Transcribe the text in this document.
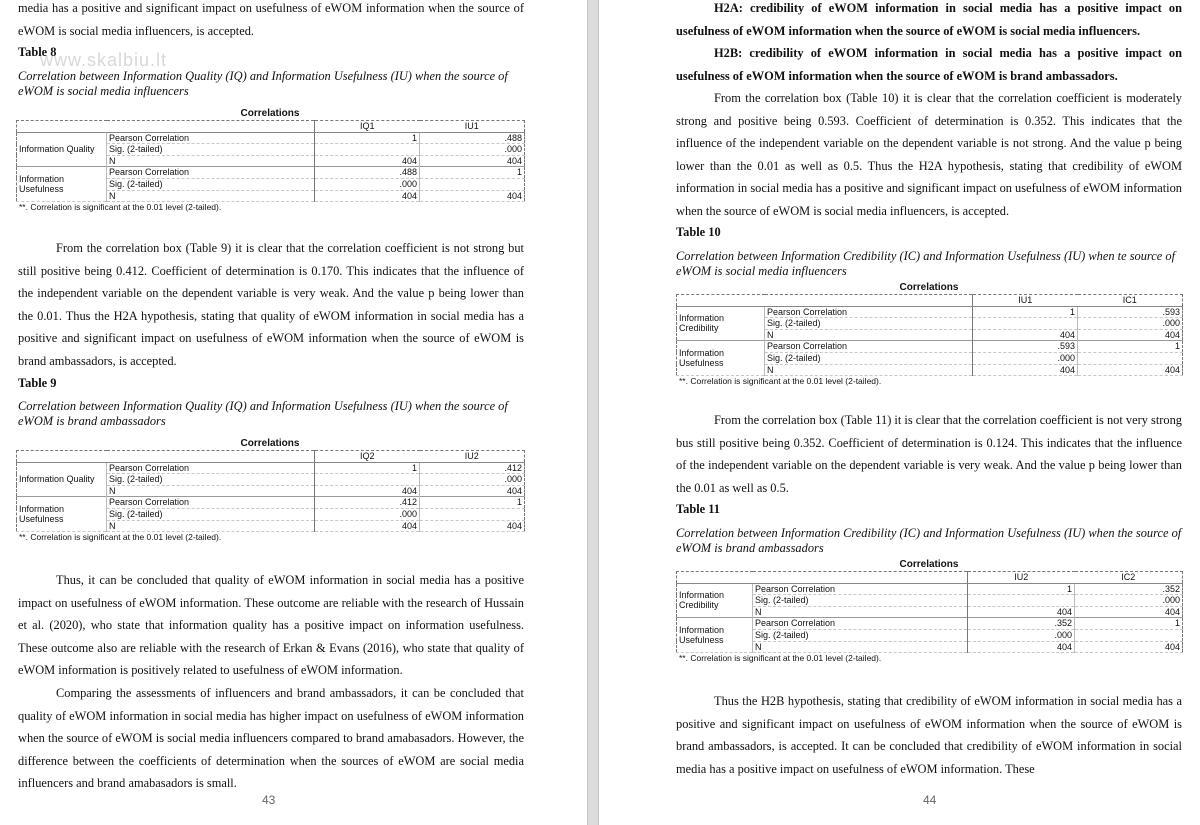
www.skalbiu.lt
media has a positive and significant impact on usefulness of eWOM information when the source of eWOM is social media influencers, is accepted.
Table 8
Correlation between Information Quality (IQ) and Information Usefulness (IU) when the source of eWOM is social media influencers
Correlations
		IQ1	IU1
Information Quality	Pearson Correlation	1	.488
	Sig. (2-tailed)		.000
	N	404	404
Information Usefulness	Pearson Correlation	.488	1
	Sig. (2-tailed)	.000	
	N	404	404
**. Correlation is significant at the 0.01 level (2-tailed).
From the correlation box (Table 9) it is clear that the correlation coefficient is not strong but still positive being 0.412. Coefficient of determination is 0.170. This indicates that the influence of the independent variable on the dependent variable is very weak. And the value p being lower than the 0.01. Thus the H2A hypothesis, stating that quality of eWOM information in social media has a positive and significant impact on usefulness of eWOM information when the source of eWOM is brand ambassadors, is accepted.
Table 9
Correlation between Information Quality (IQ) and Information Usefulness (IU) when the source of eWOM is brand ambassadors
Correlations
		IQ2	IU2
Information Quality	Pearson Correlation	1	.412
	Sig. (2-tailed)		.000
	N	404	404
Information Usefulness	Pearson Correlation	.412	1
	Sig. (2-tailed)	.000	
	N	404	404
**. Correlation is significant at the 0.01 level (2-tailed).
Thus, it can be concluded that quality of eWOM information in social media has a positive impact on usefulness of eWOM information. These outcome are reliable with the research of Hussain et al. (2020), who state that information quality has a positive impact on information usefulness. These outcome also are reliable with the research of Erkan & Evans (2016), who state that quality of eWOM information is positively related to usefulness of eWOM information.
Comparing the assessments of influencers and brand ambassadors, it can be concluded that quality of eWOM information in social media has higher impact on usefulness of eWOM information when the source of eWOM is social media influencers compared to brand amabasadors. However, the difference between the coefficients of determination when the sources of eWOM are social media influencers and brand amabasadors is small.
43
H2A: credibility of eWOM information in social media has a positive impact on usefulness of eWOM information when the source of eWOM is social media influencers.
H2B: credibility of eWOM information in social media has a positive impact on usefulness of eWOM information when the source of eWOM is brand ambassadors.
From the correlation box (Table 10) it is clear that the correlation coefficient is moderately strong and positive being 0.593. Coefficient of determination is 0.352. This indicates that the influence of the independent variable on the dependent variable is not strong. And the value p being lower than the 0.01 as well as 0.5. Thus the H2A hypothesis, stating that credibility of eWOM information in social media has a positive and significant impact on usefulness of eWOM information when the source of eWOM is social media influencers, is accepted.
Table 10
Correlation between Information Credibility (IC) and Information Usefulness (IU) when te source of eWOM is social media influencers
Correlations
		IU1	IC1
Information Credibility	Pearson Correlation	1	.593
	Sig. (2-tailed)		.000
	N	404	404
Information Usefulness	Pearson Correlation	.593	1
	Sig. (2-tailed)	.000	
	N	404	404
**. Correlation is significant at the 0.01 level (2-tailed).
From the correlation box (Table 11) it is clear that the correlation coefficient is not very strong bus still positive being 0.352. Coefficient of determination is 0.124. This indicates that the influence of the independent variable on the dependent variable is very weak. And the value p being lower than the 0.01 as well as 0.5.
Table 11
Correlation between Information Credibility (IC) and Information Usefulness (IU) when the source of eWOM is brand ambassadors
Correlations
		IU2	IC2
Information Credibility	Pearson Correlation	1	.352
	Sig. (2-tailed)		.000
	N	404	404
Information Usefulness	Pearson Correlation	.352	1
	Sig. (2-tailed)	.000	
	N	404	404
**. Correlation is significant at the 0.01 level (2-tailed).
Thus the H2B hypothesis, stating that credibility of eWOM information in social media has a positive and significant impact on usefulness of eWOM information when the source of eWOM is brand ambassadors, is accepted. It can be concluded that credibility of eWOM information in social media has a positive impact on usefulness of eWOM information. These
44
